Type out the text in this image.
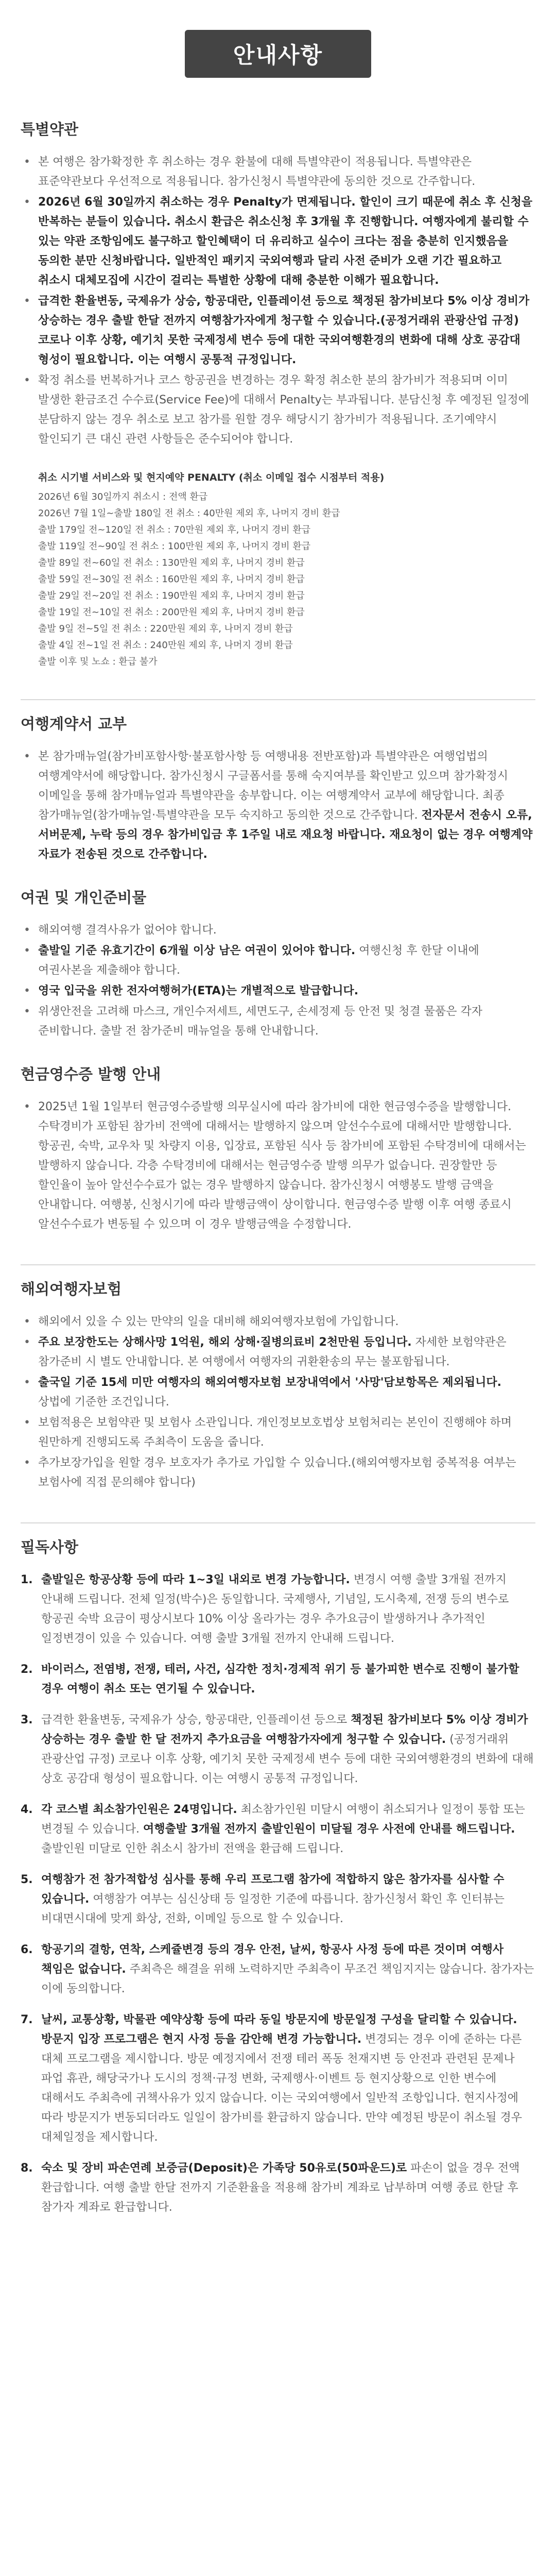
안내사항
특별약관
• 본 여행은 참가확정한 후 취소하는 경우 환불에 대해 특별약관이 적용됩니다. 특별약관은 표준약관보다 우선적으로 적용됩니다. 참가신청시 특별약관에 동의한 것으로 간주합니다.
• 2026년 6월 30일까지 취소하는 경우 Penalty가 면제됩니다. 할인이 크기 때문에 취소 후 신청을 반복하는 분들이 있습니다. 취소시 환급은 취소신청 후 3개월 후 진행합니다. 여행자에게 불리할 수 있는 약관 조항임에도 불구하고 할인혜택이 더 유리하고 실수이 크다는 점을 충분히 인지했음을 동의한 분만 신청바랍니다. 일반적인 패키지 국외여행과 달리 사전 준비가 오랜 기간 필요하고 취소시 대체모집에 시간이 걸리는 특별한 상황에 대해 충분한 이해가 필요합니다.
• 급격한 환율변동, 국제유가 상승, 항공대란, 인플레이션 등으로 책정된 참가비보다 5% 이상 경비가 상승하는 경우 출발 한달 전까지 여행참가자에게 청구할 수 있습니다.(공정거래위 관광산업 규정) 코로나 이후 상황, 예기치 못한 국제정세 변수 등에 대한 국외여행환경의 변화에 대해 상호 공감대 형성이 필요합니다. 이는 여행시 공통적 규정입니다.
• 확정 취소를 번복하거나 코스 항공권을 변경하는 경우 확정 취소한 분의 참가비가 적용되며 이미 발생한 환금조건 수수료(Service Fee)에 대해서 Penalty는 부과됩니다. 분담신청 후 예정된 일정에 분담하지 않는 경우 취소로 보고 참가를 원할 경우 해당시기 참가비가 적용됩니다. 조기예약시 할인되기 큰 대신 관련 사항들은 준수되어야 합니다.
취소 시기별 서비스와 및 현지예약 PENALTY (취소 이메일 접수 시점부터 적용)
2026년 6월 30일까지 취소시 : 전액 환급
2026년 7월 1일~출발 180일 전 취소 : 40만원 제외 후, 나머지 경비 환급
출발 179일 전~120일 전 취소 : 70만원 제외 후, 나머지 경비 환급
출발 119일 전~90일 전 취소 : 100만원 제외 후, 나머지 경비 환급
출발 89일 전~60일 전 취소 : 130만원 제외 후, 나머지 경비 환급
출발 59일 전~30일 전 취소 : 160만원 제외 후, 나머지 경비 환급
출발 29일 전~20일 전 취소 : 190만원 제외 후, 나머지 경비 환급
출발 19일 전~10일 전 취소 : 200만원 제외 후, 나머지 경비 환급
출발 9일 전~5일 전 취소 : 220만원 제외 후, 나머지 경비 환급
출발 4일 전~1일 전 취소 : 240만원 제외 후, 나머지 경비 환급
출발 이후 및 노쇼 : 환급 불가
여행계약서 교부
• 본 참가매뉴얼(참가비포함사항·불포함사항 등 여행내용 전반포함)과 특별약관은 여행업법의 여행계약서에 해당합니다. 참가신청시 구글폼서를 통해 숙지여부를 확인받고 있으며 참가확정시 이메일을 통해 참가매뉴얼과 특별약관을 송부합니다. 이는 여행계약서 교부에 해당합니다. 최종 참가매뉴얼(참가매뉴얼·특별약관을 모두 숙지하고 동의한 것으로 간주합니다. 전자문서 전송시 오류, 서버문제, 누락 등의 경우 참가비입금 후 1주일 내로 재요청 바랍니다. 재요청이 없는 경우 여행계약 자료가 전송된 것으로 간주합니다.
여권 및 개인준비물
• 해외여행 결격사유가 없어야 합니다.
• 출발일 기준 유효기간이 6개월 이상 남은 여권이 있어야 합니다. 여행신청 후 한달 이내에 여권사본을 제출해야 합니다.
• 영국 입국을 위한 전자여행허가(ETA)는 개별적으로 발급합니다.
• 위생안전을 고려해 마스크, 개인수저세트, 세면도구, 손세정제 등 안전 및 청결 물품은 각자 준비합니다. 출발 전 참가준비 매뉴얼을 통해 안내합니다.
현금영수증 발행 안내
• 2025년 1월 1일부터 현금영수증발행 의무실시에 따라 참가비에 대한 현금영수증을 발행합니다. 수탁경비가 포함된 참가비 전액에 대해서는 발행하지 않으며 알선수수료에 대해서만 발행합니다. 항공권, 숙박, 교우차 및 차량지 이용, 입장료, 포함된 식사 등 참가비에 포함된 수탁경비에 대해서는 발행하지 않습니다. 각층 수탁경비에 대해서는 현금영수증 발행 의무가 없습니다. 권장할만 등 할인율이 높아 알선수수료가 없는 경우 발행하지 않습니다. 참가신청시 여행봉도 발행 금액을 안내합니다. 여행봉, 신청시기에 따라 발행금액이 상이합니다. 현금영수증 발행 이후 여행 종료시 알선수수료가 변동될 수 있으며 이 경우 발행금액을 수정합니다.
해외여행자보험
• 해외에서 있을 수 있는 만약의 일을 대비해 해외여행자보험에 가입합니다.
• 주요 보장한도는 상해사망 1억원, 해외 상해·질병의료비 2천만원 등입니다. 자세한 보험약관은 참가준비 시 별도 안내합니다. 본 여행에서 여행자의 귀환환송의 무는 불포함됩니다.
• 출국일 기준 15세 미만 여행자의 해외여행자보험 보장내역에서 '사망'담보항목은 제외됩니다. 상법에 기준한 조건입니다.
• 보험적용은 보험약관 및 보험사 소관입니다. 개인정보보호법상 보험처리는 본인이 진행해야 하며 원만하게 진행되도록 주최측이 도움을 줍니다.
• 추가보장가입을 원할 경우 보호자가 추가로 가입할 수 있습니다.(해외여행자보험 중복적용 여부는 보험사에 직접 문의해야 합니다)
필독사항
1. 출발일은 항공상황 등에 따라 1~3일 내외로 변경 가능합니다. 변경시 여행 출발 3개월 전까지 안내해 드립니다. 전체 일정(박수)은 동일합니다. 국제행사, 기념일, 도시축제, 전쟁 등의 변수로 항공권 숙박 요금이 평상시보다 10% 이상 올라가는 경우 추가요금이 발생하거나 추가적인 일정변경이 있을 수 있습니다. 여행 출발 3개월 전까지 안내해 드립니다.
2. 바이러스, 전염병, 전쟁, 테러, 사건, 심각한 정치·경제적 위기 등 불가피한 변수로 진행이 불가할 경우 여행이 취소 또는 연기될 수 있습니다.
3. 급격한 환율변동, 국제유가 상승, 항공대란, 인플레이션 등으로 책정된 참가비보다 5% 이상 경비가 상승하는 경우 출발 한 달 전까지 추가요금을 여행참가자에게 청구할 수 있습니다. (공정거래위 관광산업 규정) 코로나 이후 상황, 예기치 못한 국제정세 변수 등에 대한 국외여행환경의 변화에 대해 상호 공감대 형성이 필요합니다. 이는 여행시 공통적 규정입니다.
4. 각 코스별 최소참가인원은 24명입니다. 최소참가인원 미달시 여행이 취소되거나 일정이 통합 또는 변경될 수 있습니다. 여행출발 3개월 전까지 출발인원이 미달될 경우 사전에 안내를 해드립니다. 출발인원 미달로 인한 취소시 참가비 전액을 환급해 드립니다.
5. 여행참가 전 참가적합성 심사를 통해 우리 프로그램 참가에 적합하지 않은 참가자를 심사할 수 있습니다. 여행참가 여부는 심신상태 등 일정한 기준에 따릅니다. 참가신청서 확인 후 인터뷰는 비대면시대에 맞게 화상, 전화, 이메일 등으로 할 수 있습니다.
6. 항공기의 결항, 연착, 스케쥴변경 등의 경우 안전, 날씨, 항공사 사정 등에 따른 것이며 여행사 책임은 없습니다. 주최측은 해결을 위해 노력하지만 주최측이 무조건 책임지지는 않습니다. 참가자는 이에 동의합니다.
7. 날씨, 교통상황, 박물관 예약상황 등에 따라 동일 방문지에 방문일정 구성을 달리할 수 있습니다. 방문지 입장 프로그램은 현지 사정 등을 감안해 변경 가능합니다. 변경되는 경우 이에 준하는 다른 대체 프로그램을 제시합니다. 방문 예정지에서 전쟁 테러 폭동 천재지변 등 안전과 관련된 문제나 파업 휴관, 해당국가나 도시의 정책·규정 변화, 국제행사·이벤트 등 현지상황으로 인한 변수에 대해서도 주최측에 귀책사유가 있지 않습니다. 이는 국외여행에서 일반적 조항입니다. 현지사정에 따라 방문지가 변동되더라도 일일이 참가비를 환급하지 않습니다. 만약 예정된 방문이 취소될 경우 대체일정을 제시합니다.
8. 숙소 및 장비 파손연례 보증금(Deposit)은 가족당 50유로(50파운드)로 파손이 없을 경우 전액 환급합니다. 여행 출발 한달 전까지 기준환율을 적용해 참가비 계좌로 납부하며 여행 종료 한달 후 참가자 계좌로 환급합니다.
